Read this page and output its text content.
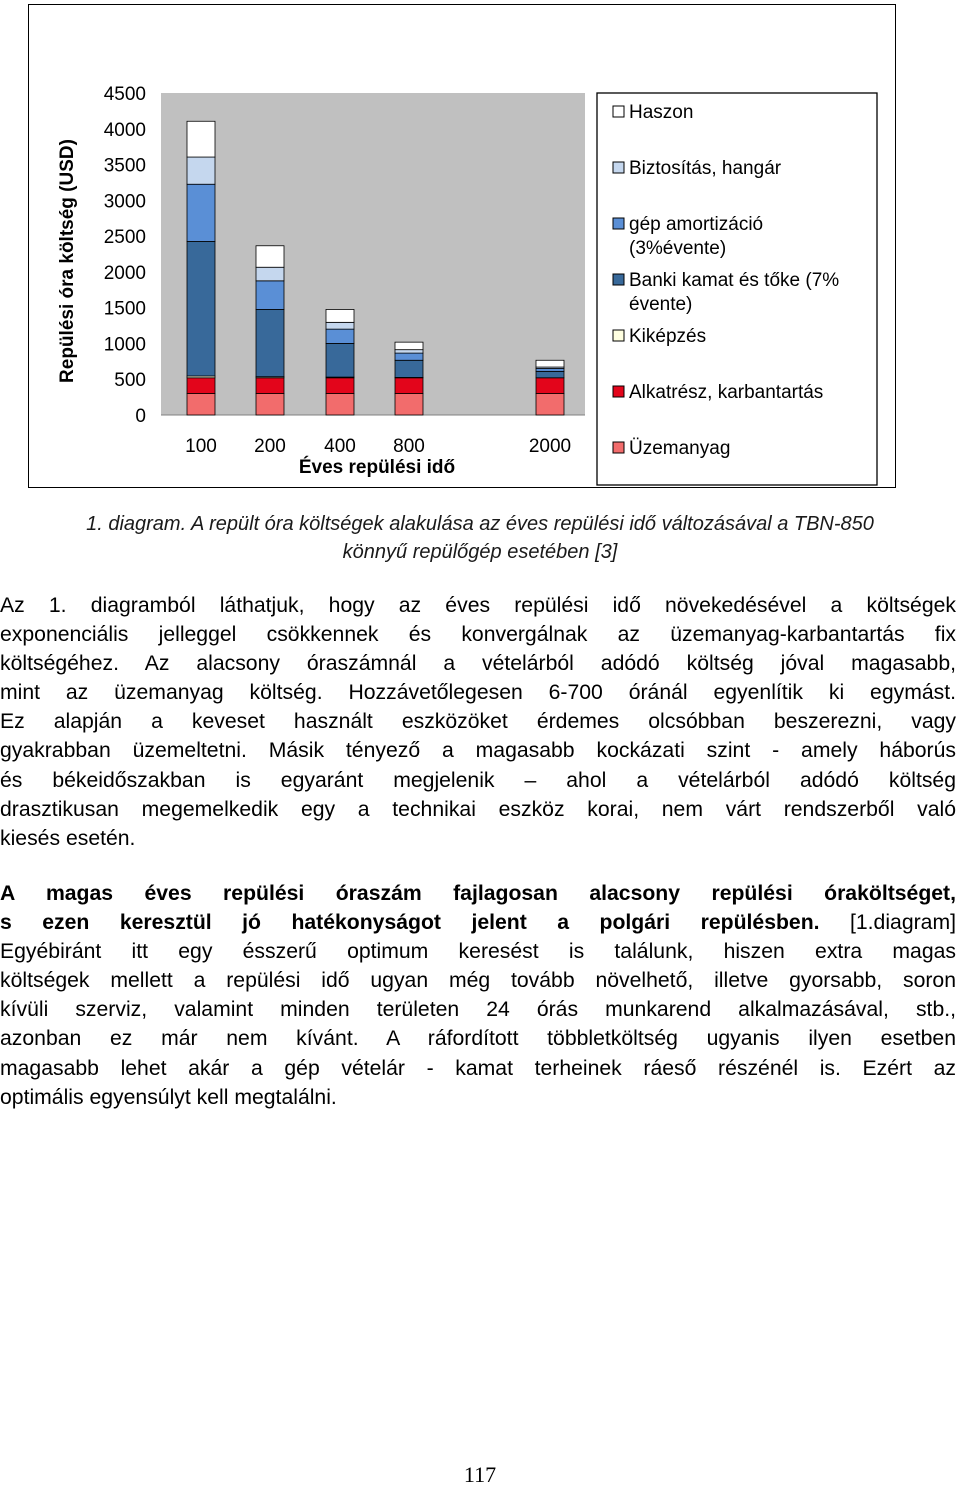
0
500
1000
1500
2000
2500
3000
3500
4000
4500
100 200 400 800	2000
Repülési óra költség (USD)
Éves repülési idő
Haszon
Biztosítás, hangár
gép amortizáció (3%évente)
Banki kamat és tőke (7% évente)
Kiképzés
Alkatrész, karbantartás
Üzemanyag
1. diagram. A repült óra költségek alakulása az éves repülési idő változásával a TBN-850
könnyű repülőgép esetében [3]

Az 1. diagramból láthatjuk, hogy az éves repülési idő növekedésével a költségek

exponenciális jelleggel csökkennek és konvergálnak az üzemanyag-karbantartás fix

költségéhez. Az alacsony óraszámnál a vételárból adódó költség jóval magasabb,

mint az üzemanyag költség. Hozzávetőlegesen 6-700 óránál egyenlítik ki egymást.

Ez alapján a keveset használt eszközöket érdemes olcsóbban beszerezni, vagy

gyakrabban üzemeltetni. Másik tényező a magasabb kockázati szint - amely háborús

és békeidőszakban is egyaránt megjelenik – ahol a vételárból adódó költség

drasztikusan megemelkedik egy a technikai eszköz korai, nem várt rendszerből való

kiesés esetén.

A magas éves repülési óraszám fajlagosan alacsony repülési óraköltséget,

s ezen keresztül jó hatékonyságot jelent a polgári repülésben. [1.diagram]

Egyébiránt itt egy ésszerű optimum keresést is találunk, hiszen extra magas

költségek mellett a repülési idő ugyan még tovább növelhető, illetve gyorsabb, soron

kívüli szerviz, valamint minden területen 24 órás munkarend alkalmazásával, stb.,

azonban ez már nem kívánt. A ráfordított többletköltség ugyanis ilyen esetben

magasabb lehet akár a gép vételár - kamat terheinek ráeső részénél is. Ezért az

optimális egyensúlyt kell megtalálni.

117
